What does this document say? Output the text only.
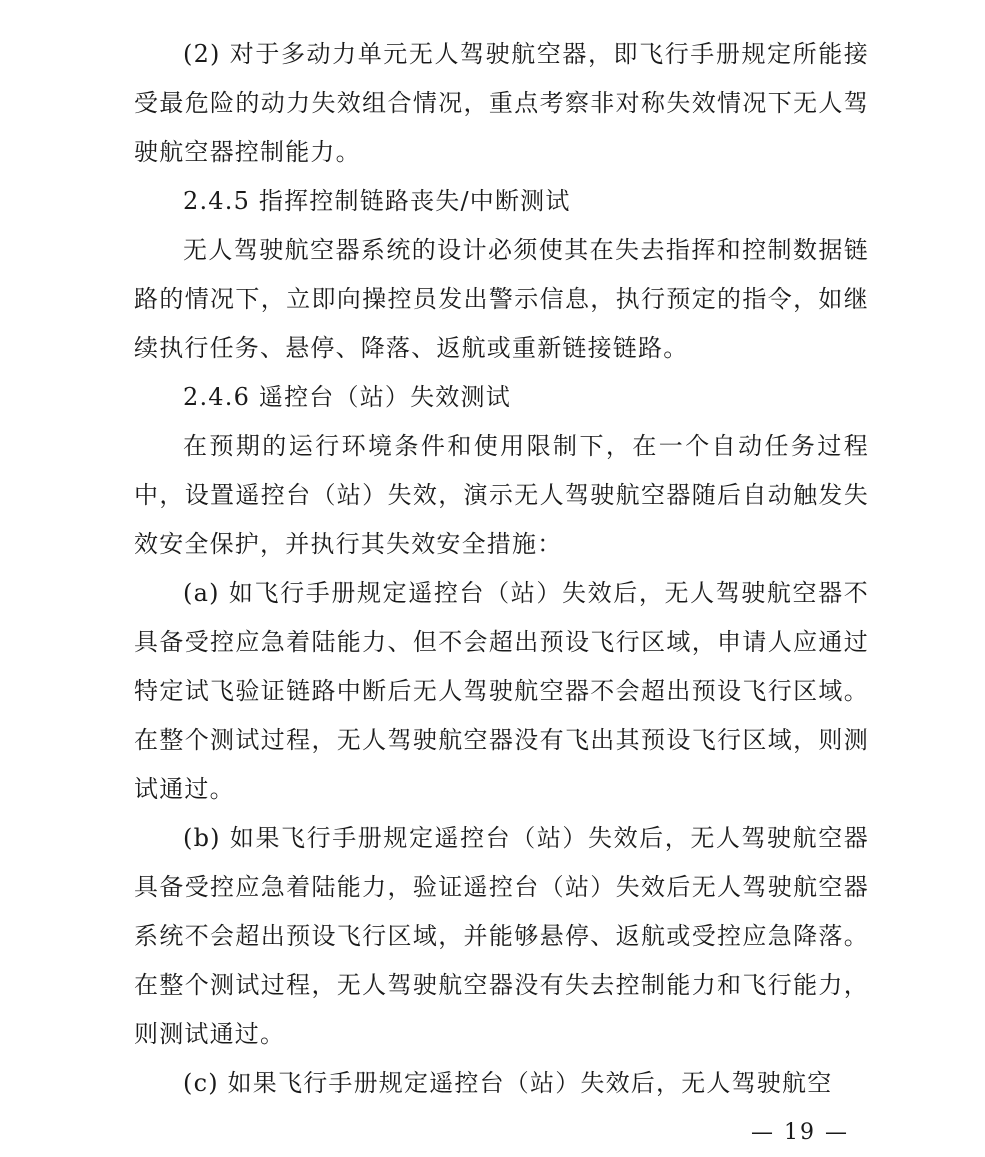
(2) 对于多动力单元无人驾驶航空器，即飞行手册规定所能接受最危险的动力失效组合情况，重点考察非对称失效情况下无人驾驶航空器控制能力。

2.4.5 指挥控制链路丧失/中断测试

无人驾驶航空器系统的设计必须使其在失去指挥和控制数据链路的情况下，立即向操控员发出警示信息，执行预定的指令，如继续执行任务、悬停、降落、返航或重新链接链路。

2.4.6 遥控台（站）失效测试

在预期的运行环境条件和使用限制下，在一个自动任务过程中，设置遥控台（站）失效，演示无人驾驶航空器随后自动触发失效安全保护，并执行其失效安全措施：

(a) 如飞行手册规定遥控台（站）失效后，无人驾驶航空器不具备受控应急着陆能力、但不会超出预设飞行区域，申请人应通过特定试飞验证链路中断后无人驾驶航空器不会超出预设飞行区域。在整个测试过程，无人驾驶航空器没有飞出其预设飞行区域，则测试通过。

(b) 如果飞行手册规定遥控台（站）失效后，无人驾驶航空器具备受控应急着陆能力，验证遥控台（站）失效后无人驾驶航空器系统不会超出预设飞行区域，并能够悬停、返航或受控应急降落。在整个测试过程，无人驾驶航空器没有失去控制能力和飞行能力，则测试通过。

(c) 如果飞行手册规定遥控台（站）失效后，无人驾驶航空

— 19 —
